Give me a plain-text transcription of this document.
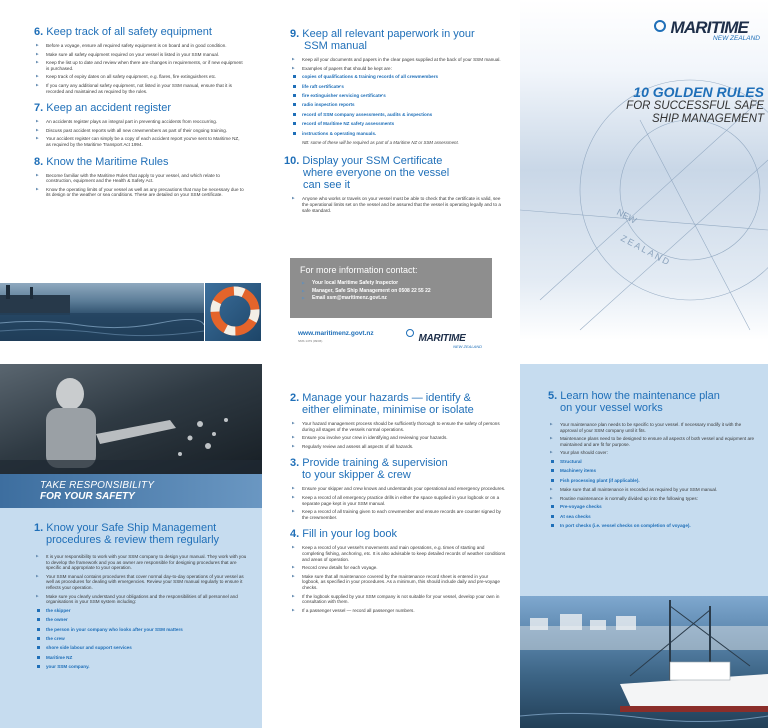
6. Keep track of all safety equipment
▶ Before a voyage, ensure all required safety equipment is on board and in good condition.
▶ Make sure all safety equipment required on your vessel is listed in your SSM manual.
▶ Keep the list up to date and review when there are changes in requirements, or if new equipment is purchased.
▶ Keep track of expiry dates on all safety equipment, e.g. flares, fire extinguishers etc.
▶ If you carry any additional safety equipment, not listed in your SSM manual, ensure that it is recorded and maintained as required by the rules.
7. Keep an accident register
▶ An accidents register plays an integral part in preventing accidents from reoccurring.
▶ Discuss past accident reports with all new crewmembers as part of their ongoing training.
▶ Your accident register can simply be a copy of each accident report you've sent to Maritime NZ, as required by the Maritime Transport Act 1994.
8. Know the Maritime Rules
▶ Become familiar with the Maritime Rules that apply to your vessel, and which relate to construction, equipment and the Health & Safety Act.
▶ Know the operating limits of your vessel as well as any precautions that may be necessary due to its design or the weather or sea conditions. These are detailed on your SSM certificate.
9. Keep all relevant paperwork in your
SSM manual
▶ Keep all your documents and papers in the clear pages supplied at the back of your SSM manual.
▶ Examples of papers that should be kept are:
copies of qualifications & training records of all crewmembers
life raft certificate's
fire extinguisher servicing certificate's
radio inspection reports
record of SSM company assessments, audits & inspections
record of Maritime NZ safety assessments
instructions & operating manuals.

NB: some of these will be required as part of a Maritime NZ or SSM assessment.

10. Display your SSM Certificate
where everyone on the vessel
can see it
▶ Anyone who works or travels on your vessel must be able to check that the certificate is valid, see the operational limits set on the vessel and be assured that the vessel is operating legally and to a safe standard.
For more information contact:
▶ Your local Maritime Safety Inspector
▶ Manager, Safe Ship Management on 0508 22 55 22
▶ Email ssm@maritimenz.govt.nz
www.maritimenz.govt.nz
SMS 1479 (09/06)	MARITIME
NEW ZEALAND
NEW
ZEALAND
MARITIME
NEW ZEALAND
10 GOLDEN RULES
FOR SUCCESSFUL SAFE
SHIP MANAGEMENT
TAKE RESPONSIBILITY
FOR YOUR SAFETY
1. Know your Safe Ship Management
procedures & review them regularly
▶ It is your responsibility to work with your SSM company to design your manual. They work with you to develop the framework and you as owner are responsible for designing procedures that are specific and appropriate to your operation.
▶ Your SSM manual contains procedures that cover normal day-to-day operations of your vessel as well as procedures for dealing with emergencies. Review your SSM manual regularly to ensure it reflects your operation.
▶ Make sure you clearly understand your obligations and the responsibilities of all personnel and organisations in your SSM system including:
the skipper
the owner
the person in your company who looks after your SSM matters
the crew
shore side labour and support services
Maritime NZ
your SSM company.
2. Manage your hazards — identify &
either eliminate, minimise or isolate
▶ Your hazard management process should be sufficiently thorough to ensure the safety of persons during all stages of the vessels normal operations.
▶ Ensure you involve your crew in identifying and reviewing your hazards.
▶ Regularly review and assess all aspects of all hazards.
3. Provide training & supervision
to your skipper & crew
▶ Ensure your skipper and crew knows and understands your operational and emergency procedures.
▶ Keep a record of all emergency practice drills in either the space supplied in your logbook or on a separate page kept in your SSM manual.
▶ Keep a record of all training given to each crewmember and ensure records are counter signed by the crewmember.
4. Fill in your log book
▶ Keep a record of your vessel's movements and main operations, e.g. times of starting and completing fishing, anchoring, etc. It is also advisable to keep detailed records of weather conditions and areas of operation.
▶ Record crew details for each voyage.
▶ Make sure that all maintenance covered by the maintenance record sheet is entered in your logbook, as specified in your procedures. As a minimum, this should include daily and pre-voyage checks.
▶ If the logbook supplied by your SSM company is not suitable for your vessel, develop your own in consultation with them.
▶ If a passenger vessel — record all passenger numbers.
5. Learn how the maintenance plan
on your vessel works
▶ Your maintenance plan needs to be specific to your vessel. If necessary modify it with the approval of your SSM company until it fits.
▶ Maintenance plans need to be designed to ensure all aspects of both vessel and equipment are maintained and are fit for purpose.
▶ Your plan should cover:
Structural
Machinery items
Fish processing plant (if applicable).
▶ Make sure that all maintenance is recorded as required by your SSM manual.
▶ Routine maintenance is normally divided up into the following types:
Pre-voyage checks
At sea checks
In port checks (i.e. vessel checks on completion of voyage).
